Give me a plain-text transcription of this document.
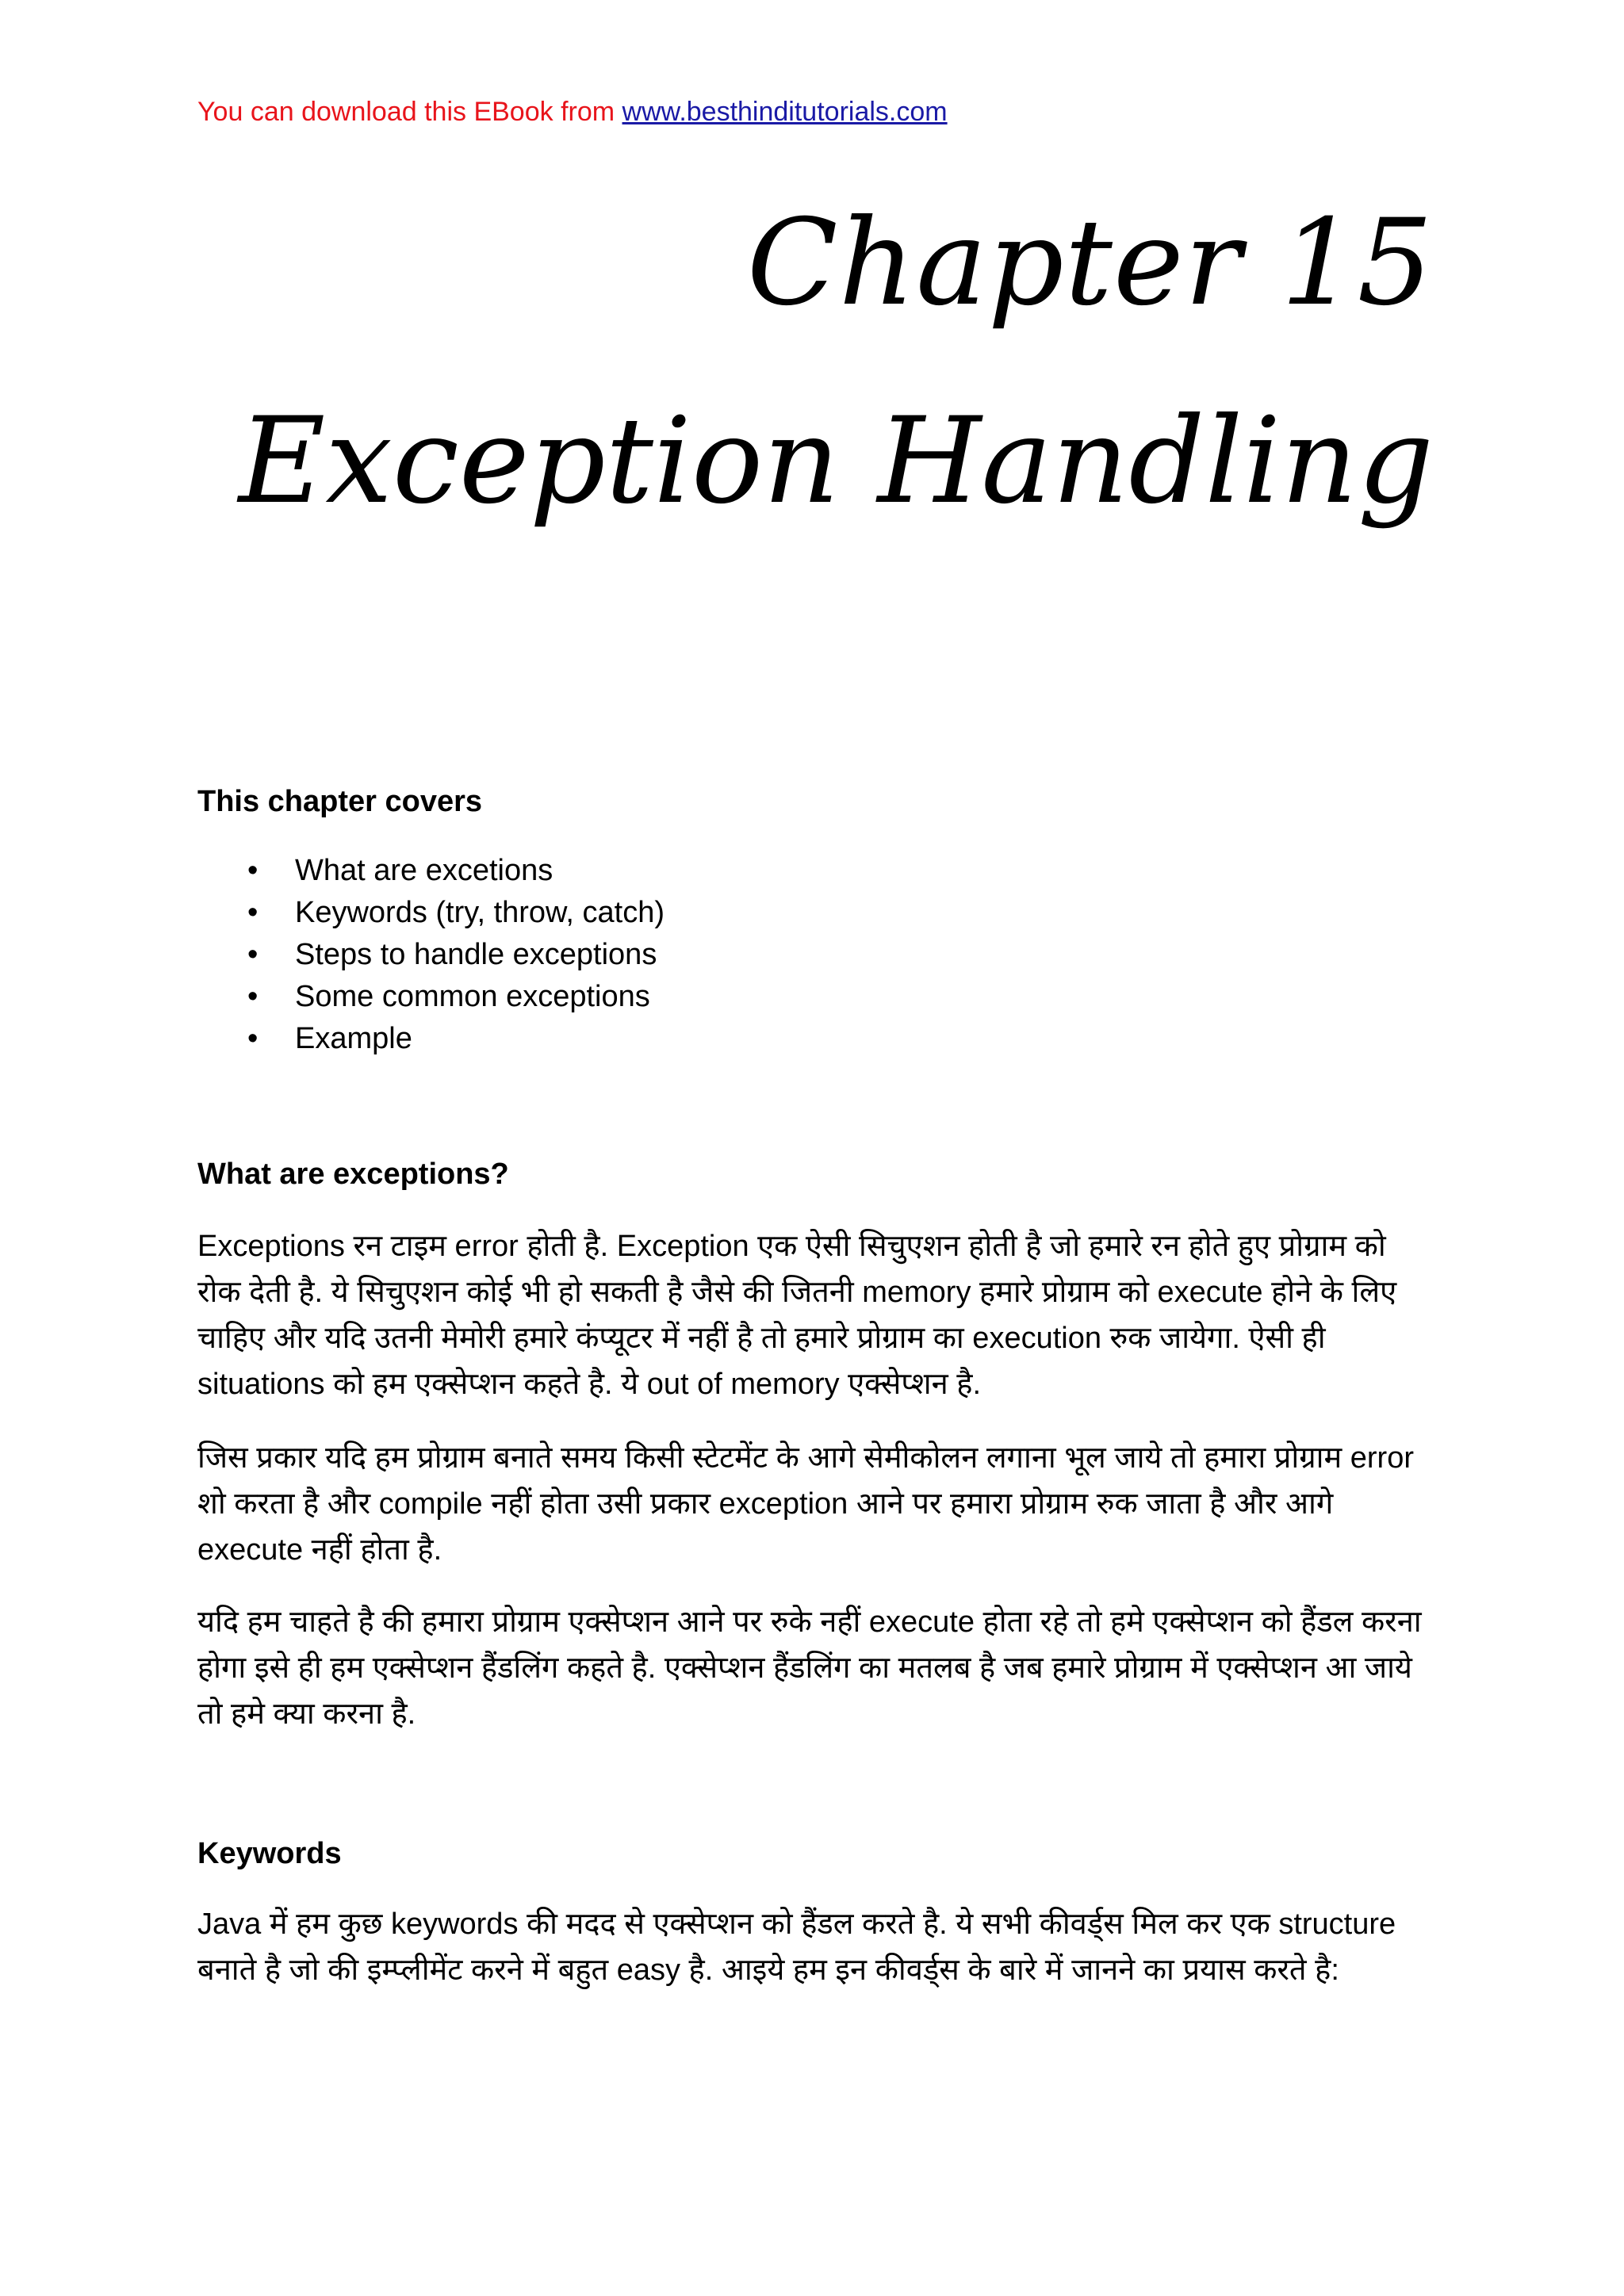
You can download this EBook from www.besthinditutorials.com
Chapter 15
Exception Handling
This chapter covers
• What are excetions
• Keywords (try, throw, catch)
• Steps to handle exceptions
• Some common exceptions
• Example
What are exceptions?

Exceptions रन टाइम error होती है. Exception एक ऐसी सिचुएशन होती है जो हमारे रन होते हुए प्रोग्राम को रोक देती है. ये सिचुएशन कोई भी हो सकती है जैसे की जितनी memory हमारे प्रोग्राम को execute होने के लिए चाहिए और यदि उतनी मेमोरी हमारे कंप्यूटर में नहीं है तो हमारे प्रोग्राम का execution रुक जायेगा. ऐसी ही situations को हम एक्सेप्शन कहते है. ये out of memory एक्सेप्शन है.

जिस प्रकार यदि हम प्रोग्राम बनाते समय किसी स्टेटमेंट के आगे सेमीकोलन लगाना भूल जाये तो हमारा प्रोग्राम error शो करता है और compile नहीं होता उसी प्रकार exception आने पर हमारा प्रोग्राम रुक जाता है और आगे execute नहीं होता है.

यदि हम चाहते है की हमारा प्रोग्राम एक्सेप्शन आने पर रुके नहीं execute होता रहे तो हमे एक्सेप्शन को हैंडल करना होगा इसे ही हम एक्सेप्शन हैंडलिंग कहते है. एक्सेप्शन हैंडलिंग का मतलब है जब हमारे प्रोग्राम में एक्सेप्शन आ जाये तो हमे क्या करना है.

Keywords

Java में हम कुछ keywords की मदद से एक्सेप्शन को हैंडल करते है. ये सभी कीवर्ड्स मिल कर एक structure बनाते है जो की इम्प्लीमेंट करने में बहुत easy है. आइये हम इन कीवर्ड्स के बारे में जानने का प्रयास करते है:
